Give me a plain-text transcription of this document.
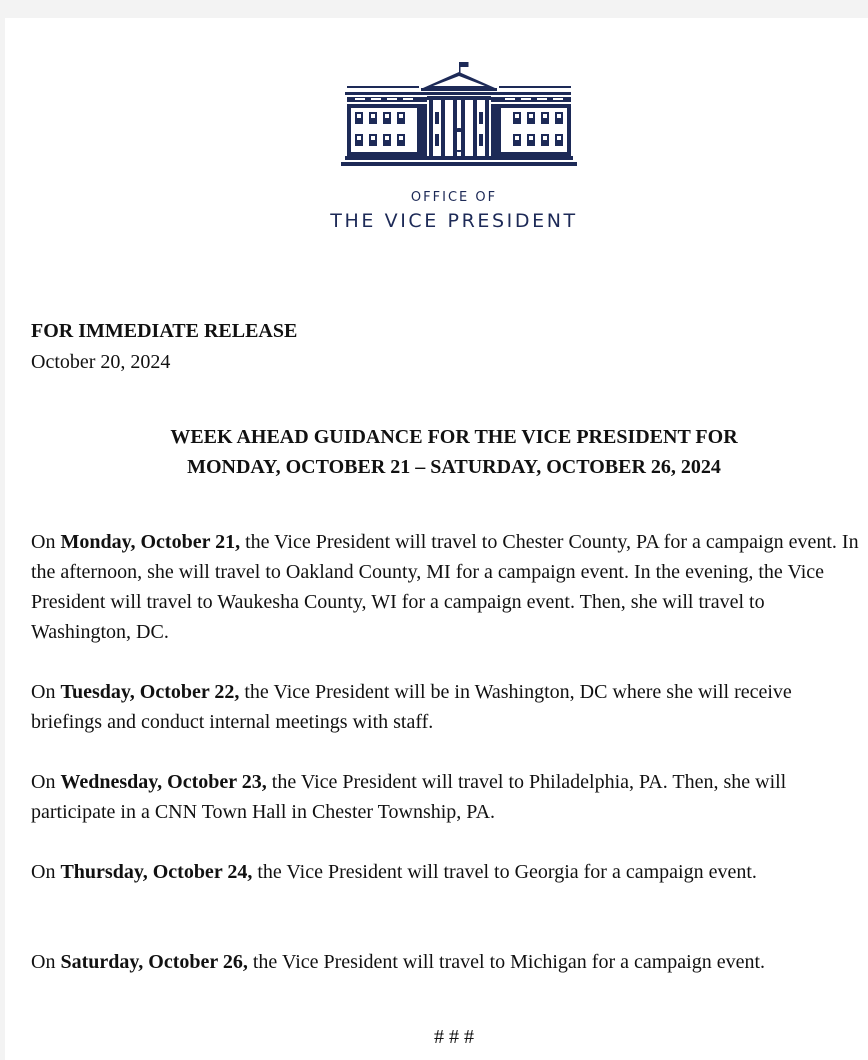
OFFICE OF
THE VICE PRESIDENT
FOR IMMEDIATE RELEASE
October 20, 2024
WEEK AHEAD GUIDANCE FOR THE VICE PRESIDENT FOR
MONDAY, OCTOBER 21 – SATURDAY, OCTOBER 26, 2024

On Monday, October 21, the Vice President will travel to Chester County, PA for a campaign event. In the afternoon, she will travel to Oakland County, MI for a campaign event. In the evening, the Vice President will travel to Waukesha County, WI for a campaign event. Then, she will travel to Washington, DC.

On Tuesday, October 22, the Vice President will be in Washington, DC where she will receive briefings and conduct internal meetings with staff.

On Wednesday, October 23, the Vice President will travel to Philadelphia, PA. Then, she will participate in a CNN Town Hall in Chester Township, PA.

On Thursday, October 24, the Vice President will travel to Georgia for a campaign event.

On Saturday, October 26, the Vice President will travel to Michigan for a campaign event.

# # #
